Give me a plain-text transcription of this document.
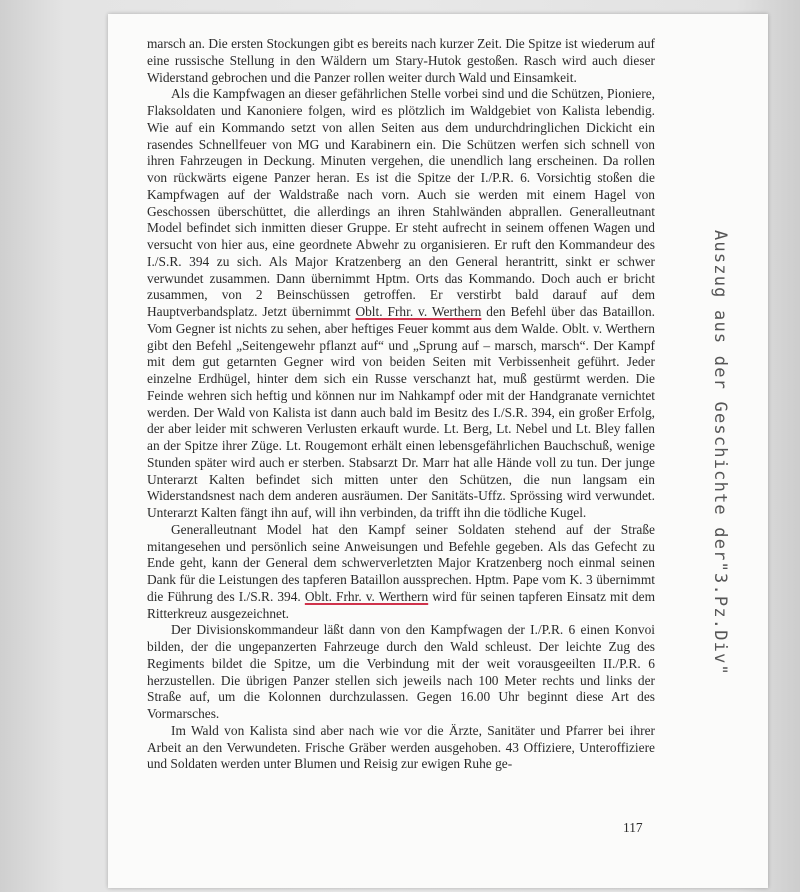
marsch an. Die ersten Stockungen gibt es bereits nach kurzer Zeit. Die Spitze ist wiederum auf eine russische Stellung in den Wäldern um Stary-Hutok gestoßen. Rasch wird auch dieser Widerstand gebrochen und die Panzer rollen weiter durch Wald und Einsamkeit.

Als die Kampfwagen an dieser gefährlichen Stelle vorbei sind und die Schützen, Pioniere, Flaksoldaten und Kanoniere folgen, wird es plötzlich im Waldgebiet von Kalista lebendig. Wie auf ein Kommando setzt von allen Seiten aus dem undurchdringlichen Dickicht ein rasendes Schnellfeuer von MG und Karabinern ein. Die Schützen werfen sich schnell von ihren Fahrzeugen in Deckung. Minuten vergehen, die unendlich lang erscheinen. Da rollen von rückwärts eigene Panzer heran. Es ist die Spitze der I./P.R. 6. Vorsichtig stoßen die Kampfwagen auf der Waldstraße nach vorn. Auch sie werden mit einem Hagel von Geschossen überschüttet, die allerdings an ihren Stahlwänden abprallen. Generalleutnant Model befindet sich inmitten dieser Gruppe. Er steht aufrecht in seinem offenen Wagen und versucht von hier aus, eine geordnete Abwehr zu organisieren. Er ruft den Kommandeur des I./S.R. 394 zu sich. Als Major Kratzenberg an den General herantritt, sinkt er schwer verwundet zusammen. Dann übernimmt Hptm. Orts das Kommando. Doch auch er bricht zusammen, von 2 Beinschüssen getroffen. Er verstirbt bald darauf auf dem Hauptverbandsplatz. Jetzt übernimmt Oblt. Frhr. v. Werthern den Befehl über das Bataillon. Vom Gegner ist nichts zu sehen, aber heftiges Feuer kommt aus dem Walde. Oblt. v. Werthern gibt den Befehl „Seitengewehr pflanzt auf“ und „Sprung auf – marsch, marsch“. Der Kampf mit dem gut getarnten Gegner wird von beiden Seiten mit Verbissenheit geführt. Jeder einzelne Erdhügel, hinter dem sich ein Russe verschanzt hat, muß gestürmt werden. Die Feinde wehren sich heftig und können nur im Nahkampf oder mit der Handgranate vernichtet werden. Der Wald von Kalista ist dann auch bald im Besitz des I./S.R. 394, ein großer Erfolg, der aber leider mit schweren Verlusten erkauft wurde. Lt. Berg, Lt. Nebel und Lt. Bley fallen an der Spitze ihrer Züge. Lt. Rougemont erhält einen lebensgefährlichen Bauchschuß, wenige Stunden später wird auch er sterben. Stabsarzt Dr. Marr hat alle Hände voll zu tun. Der junge Unterarzt Kalten befindet sich mitten unter den Schützen, die nun langsam ein Widerstandsnest nach dem anderen ausräumen. Der Sanitäts-Uffz. Sprössing wird verwundet. Unterarzt Kalten fängt ihn auf, will ihn verbinden, da trifft ihn die tödliche Kugel.

Generalleutnant Model hat den Kampf seiner Soldaten stehend auf der Straße mitangesehen und persönlich seine Anweisungen und Befehle gegeben. Als das Gefecht zu Ende geht, kann der General dem schwerverletzten Major Kratzenberg noch einmal seinen Dank für die Leistungen des tapferen Bataillon aussprechen. Hptm. Pape vom K. 3 übernimmt die Führung des I./S.R. 394. Oblt. Frhr. v. Werthern wird für seinen tapferen Einsatz mit dem Ritterkreuz ausgezeichnet.

Der Divisionskommandeur läßt dann von den Kampfwagen der I./P.R. 6 einen Konvoi bilden, der die ungepanzerten Fahrzeuge durch den Wald schleust. Der leichte Zug des Regiments bildet die Spitze, um die Verbindung mit der weit vorausgeeilten II./P.R. 6 herzustellen. Die übrigen Panzer stellen sich jeweils nach 100 Meter rechts und links der Straße auf, um die Kolonnen durchzulassen. Gegen 16.00 Uhr beginnt diese Art des Vormarsches.

Im Wald von Kalista sind aber nach wie vor die Ärzte, Sanitäter und Pfarrer bei ihrer Arbeit an den Verwundeten. Frische Gräber werden ausgehoben. 43 Offiziere, Unteroffiziere und Soldaten werden unter Blumen und Reisig zur ewigen Ruhe ge-

117
Auszug aus der Geschichte der"3.Pz.Div"
